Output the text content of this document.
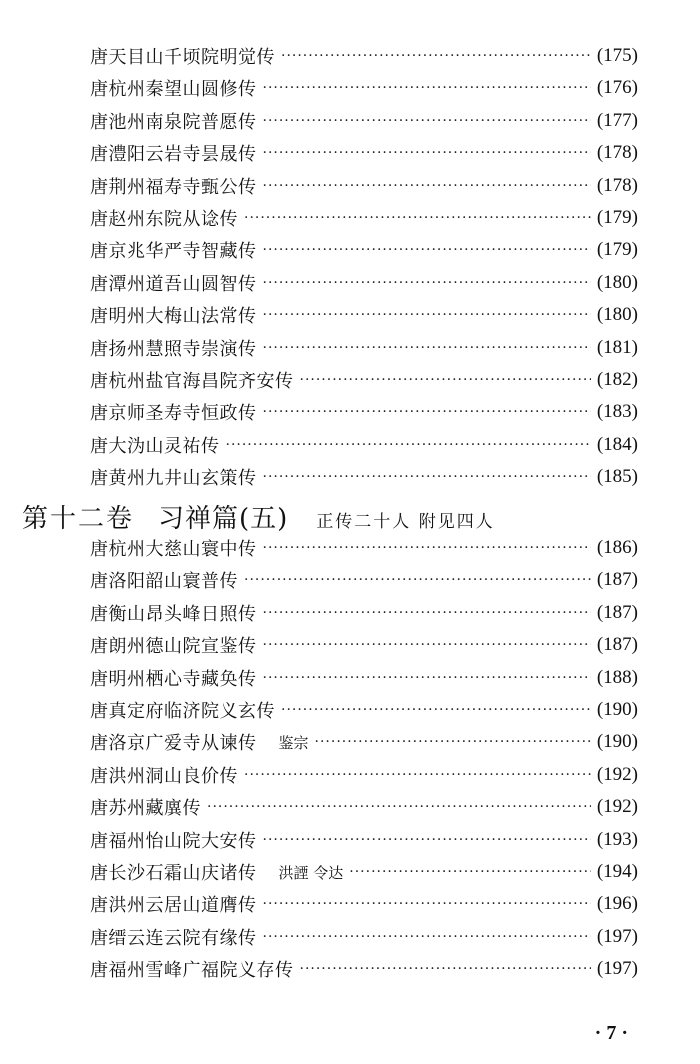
唐天目山千顷院明觉传 ·····	(175)
唐杭州秦望山圆修传 ·····	(176)
唐池州南泉院普愿传 ·····	(177)
唐澧阳云岩寺昙晟传 ·····	(178)
唐荆州福寿寺甄公传 ·····	(178)
唐赵州东院从谂传 ·····	(179)
唐京兆华严寺智藏传 ·····	(179)
唐潭州道吾山圆智传 ·····	(180)
唐明州大梅山法常传 ·····	(180)
唐扬州慧照寺崇演传 ·····	(181)
唐杭州盐官海昌院齐安传 ·····	(182)
唐京师圣寿寺恒政传 ·····	(183)
唐大沩山灵祐传 ·····	(184)
唐黄州九井山玄策传 ·····	(185)
唐杭州大慈山寰中传 ·····	(186)
唐洛阳韶山寰普传 ·····	(187)
唐衡山昂头峰日照传 ·····	(187)
唐朗州德山院宣鉴传 ·····	(187)
唐明州栖心寺藏奂传 ·····	(188)
唐真定府临济院义玄传 ·····	(190)
唐洛京广爱寺从谏传 鉴宗 ·····	(190)
唐洪州洞山良价传 ·····	(192)
唐苏州藏廙传 ·····	(192)
唐福州怡山院大安传 ·····	(193)
唐长沙石霜山庆诸传 洪諲 令达 ·····	(194)
唐洪州云居山道膺传 ·····	(196)
唐缙云连云院有缘传 ·····	(197)
唐福州雪峰广福院义存传 ·····	(197)
第十二卷 习禅篇(五) 正传二十人 附见四人
· 7 ·
